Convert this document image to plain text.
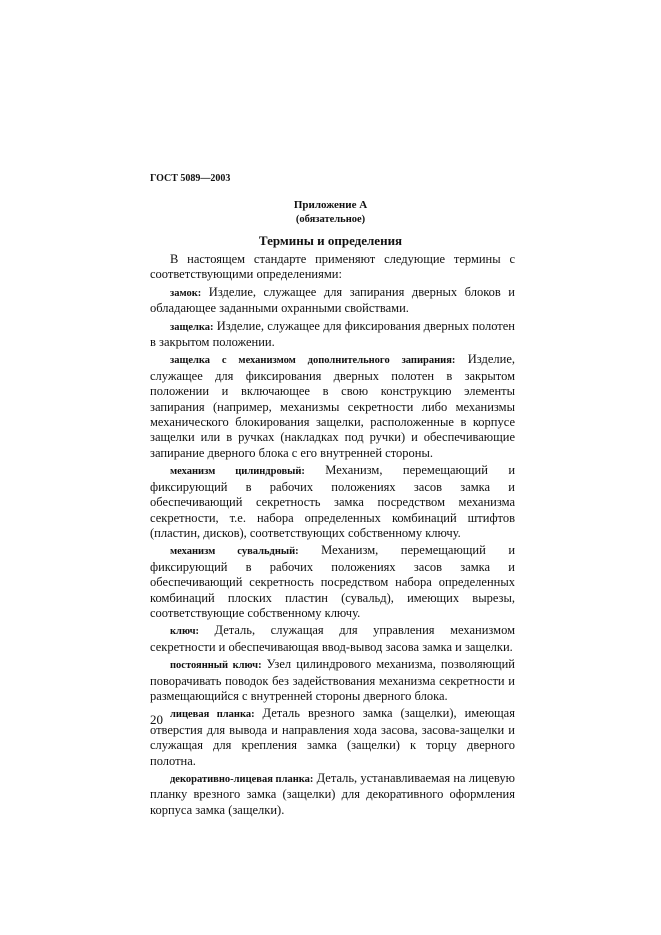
ГОСТ 5089—2003
Приложение А
(обязательное)
Термины и определения

В настоящем стандарте применяют следующие термины с соответствующими определениями:

замок: Изделие, служащее для запирания дверных блоков и обладающее заданными охранными свойствами.

защелка: Изделие, служащее для фиксирования дверных полотен в закрытом положении.

защелка с механизмом дополнительного запирания: Изделие, служащее для фиксирования дверных полотен в закрытом положении и включающее в свою конструкцию элементы запирания (например, механизмы секретности либо механизмы механического блокирования защелки, расположенные в корпусе защелки или в ручках (накладках под ручки) и обеспечивающие запирание дверного блока с его внутренней стороны.

механизм цилиндровый: Механизм, перемещающий и фиксирующий в рабочих положениях засов замка и обеспечивающий секретность замка посредством механизма секретности, т.е. набора определенных комбинаций штифтов (пластин, дисков), соответствующих собственному ключу.

механизм сувальдный: Механизм, перемещающий и фиксирующий в рабочих положениях засов замка и обеспечивающий секретность посредством набора определенных комбинаций плоских пластин (сувальд), имеющих вырезы, соответствующие собственному ключу.

ключ: Деталь, служащая для управления механизмом секретности и обеспечивающая ввод-вывод засова замка и защелки.

постоянный ключ: Узел цилиндрового механизма, позволяющий поворачивать поводок без задействования механизма секретности и размещающийся с внутренней стороны дверного блока.

лицевая планка: Деталь врезного замка (защелки), имеющая отверстия для вывода и направления хода засова, засова-защелки и служащая для крепления замка (защелки) к торцу дверного полотна.

декоративно-лицевая планка: Деталь, устанавливаемая на лицевую планку врезного замка (защелки) для декоративного оформления корпуса замка (защелки).

20
